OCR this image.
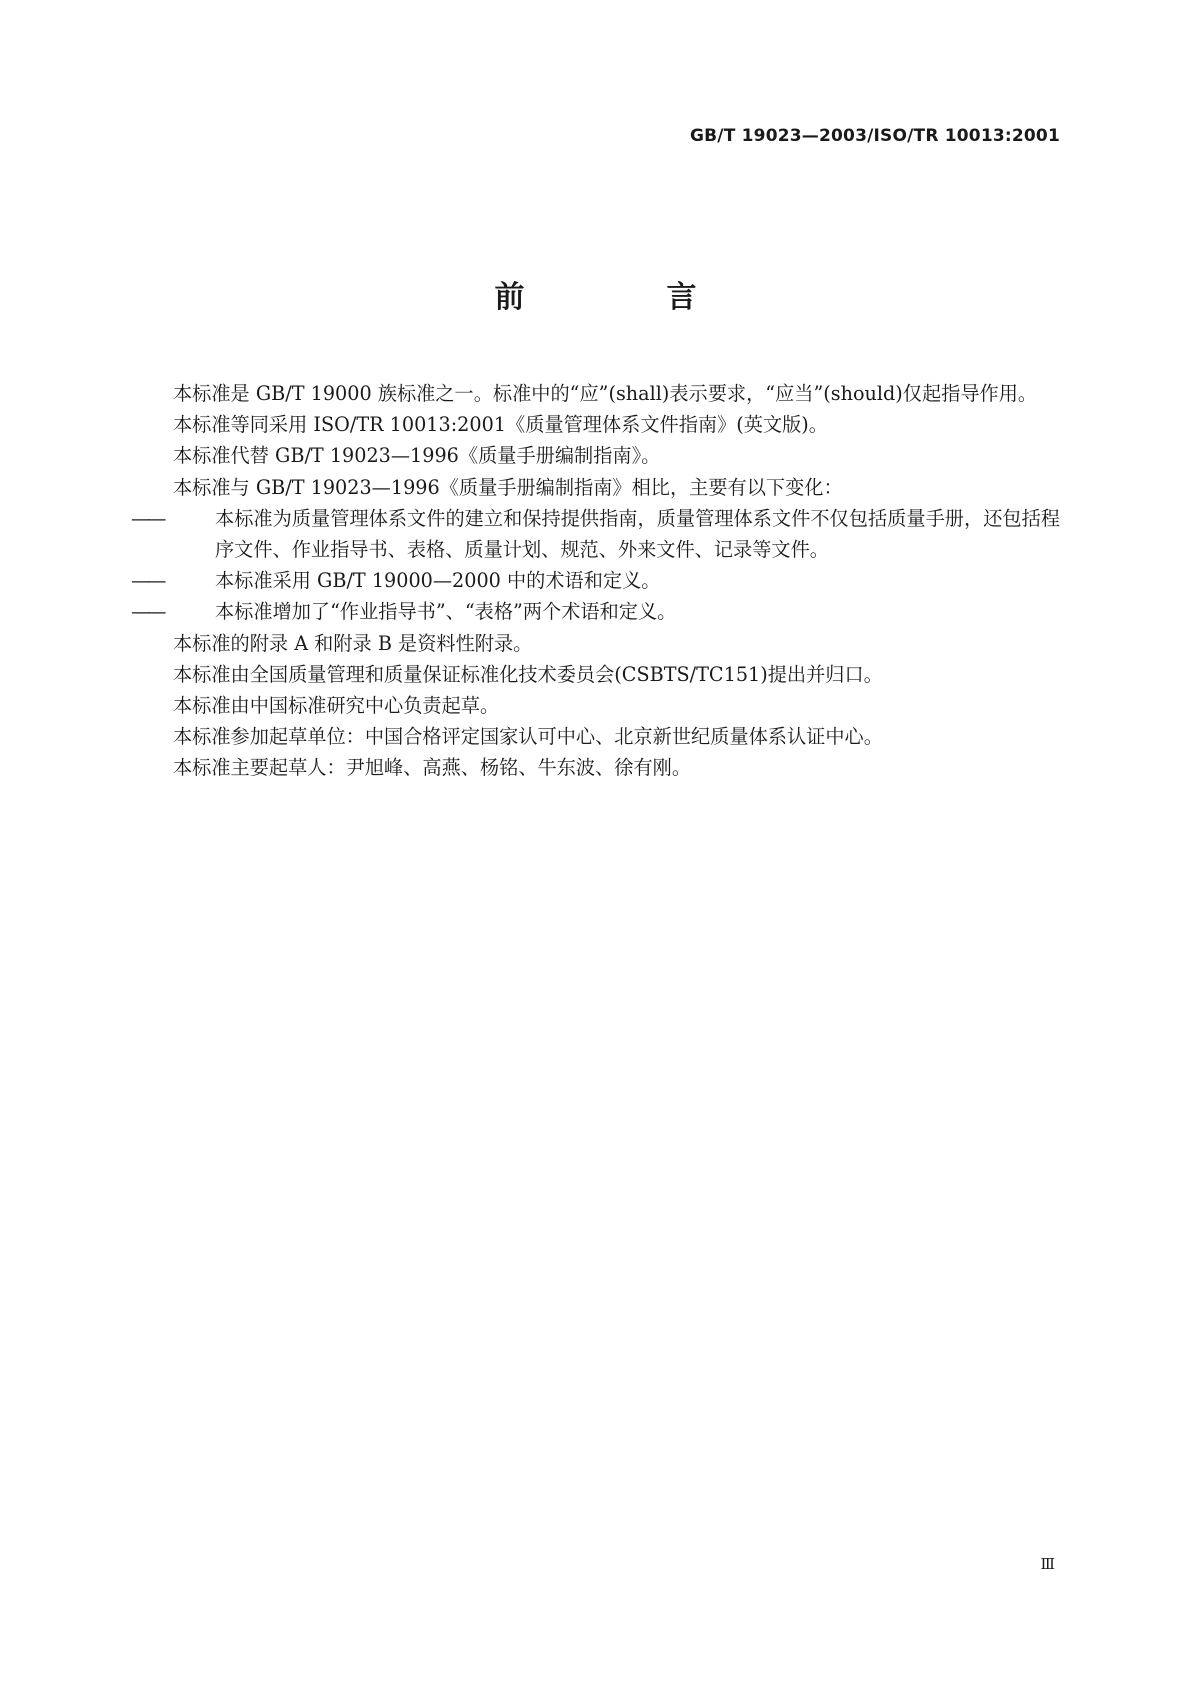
GB/T 19023—2003/ISO/TR 10013:2001

前　言

本标准是 GB/T 19000 族标准之一。标准中的“应”(shall)表示要求，“应当”(should)仅起指导作用。

本标准等同采用 ISO/TR 10013:2001《质量管理体系文件指南》(英文版)。

本标准代替 GB/T 19023—1996《质量手册编制指南》。

本标准与 GB/T 19023—1996《质量手册编制指南》相比，主要有以下变化：

——	本标准为质量管理体系文件的建立和保持提供指南，质量管理体系文件不仅包括质量手册，还包括程序文件、作业指导书、表格、质量计划、规范、外来文件、记录等文件。

——	本标准采用 GB/T 19000—2000 中的术语和定义。

——	本标准增加了“作业指导书”、“表格”两个术语和定义。

本标准的附录 A 和附录 B 是资料性附录。

本标准由全国质量管理和质量保证标准化技术委员会(CSBTS/TC151)提出并归口。

本标准由中国标准研究中心负责起草。

本标准参加起草单位：中国合格评定国家认可中心、北京新世纪质量体系认证中心。

本标准主要起草人：尹旭峰、高燕、杨铭、牛东波、徐有刚。

Ⅲ
